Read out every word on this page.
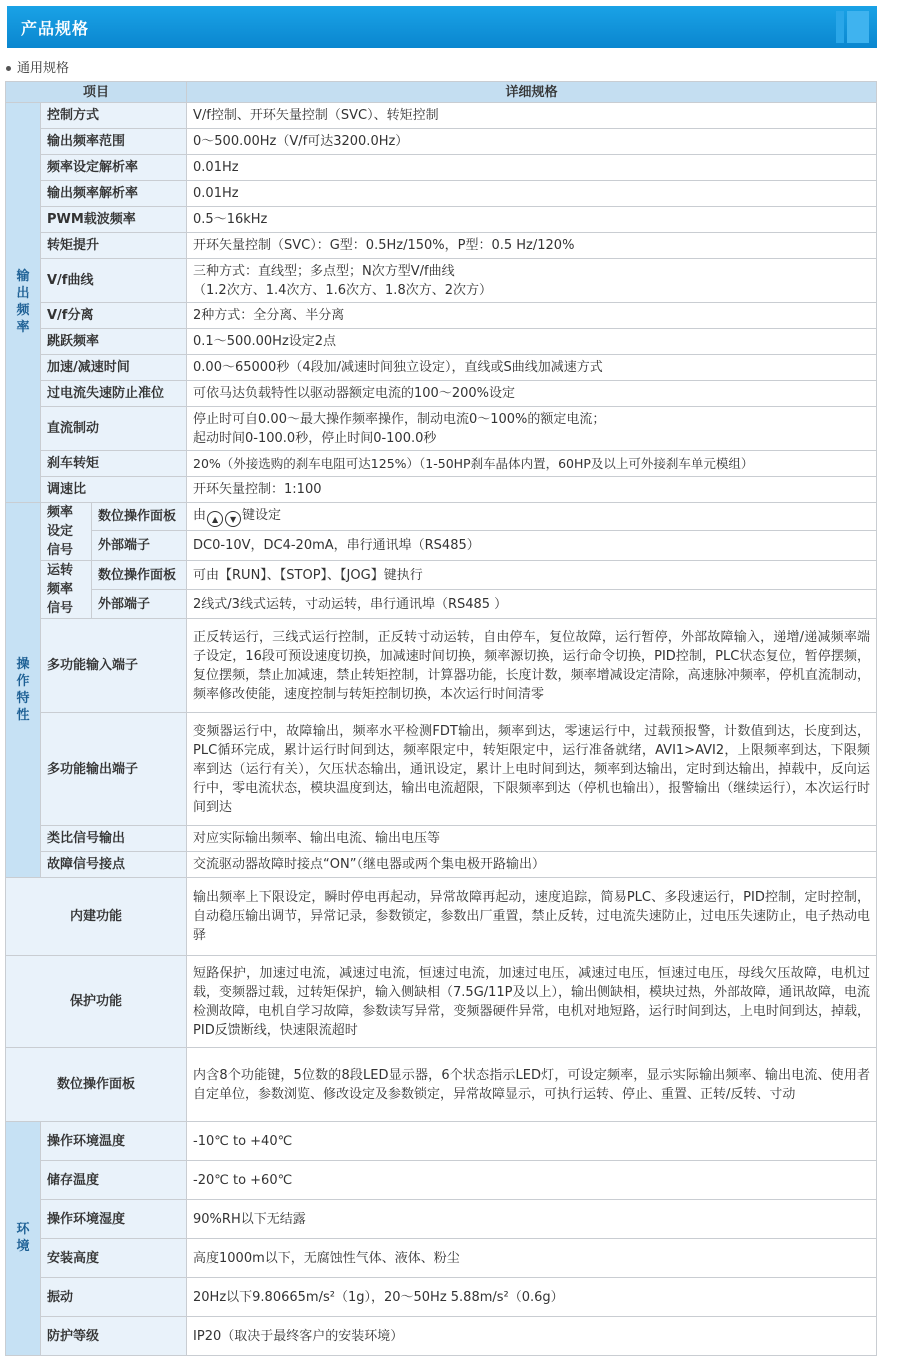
产品规格
通用规格
项目			详细规格
输出频率	控制方式		V/f控制、开环矢量控制（SVC）、转矩控制
	输出频率范围		0～500.00Hz（V/f可达3200.0Hz）
	频率设定解析率		0.01Hz
	输出频率解析率		0.01Hz
	PWM载波频率		0.5～16kHz
	转矩提升		开环矢量控制（SVC）：G型：0.5Hz/150%，P型：0.5 Hz/120%
	V/f曲线		三种方式：直线型；多点型；N次方型V/f曲线
（1.2次方、1.4次方、1.6次方、1.8次方、2次方）

	V/f分离		2种方式：全分离、半分离
	跳跃频率		0.1～500.00Hz设定2点
	加速/减速时间		0.00～65000秒（4段加/减速时间独立设定），直线或S曲线加减速方式
	过电流失速防止准位		可依马达负载特性以驱动器额定电流的100～200%设定
	直流制动		停止时可自0.00～最大操作频率操作，制动电流0～100%的额定电流；
起动时间0-100.0秒，停止时间0-100.0秒

	刹车转矩		20%（外接选购的刹车电阻可达125%）（1-50HP刹车晶体内置，60HP及以上可外接刹车单元模组）
	调速比		开环矢量控制：1:100
操作特性	频率设定信号	数位操作面板	由 ▲ ▼ 键设定
		外部端子	DC0-10V，DC4-20mA，串行通讯埠（RS485）
	运转频率信号	数位操作面板	可由【RUN】、【STOP】、【JOG】键执行
		外部端子	2线式/3线式运转，寸动运转，串行通讯埠（RS485 ）
	多功能输入端子		正反转运行，三线式运行控制，正反转寸动运转，自由停车，复位故障，运行暂停，外部故障输入，递增/递减频率端子设定，16段可预设速度切换，加减速时间切换，频率源切换，运行命令切换，PID控制，PLC状态复位，暂停摆频，复位摆频，禁止加减速，禁止转矩控制，计算器功能，长度计数，频率增减设定清除，高速脉冲频率，停机直流制动，频率修改使能，速度控制与转矩控制切换，本次运行时间清零
	多功能输出端子		变频器运行中，故障输出，频率水平检测FDT输出，频率到达，零速运行中，过载预报警，计数值到达，长度到达，PLC循环完成，累计运行时间到达，频率限定中，转矩限定中，运行准备就绪，AVI1>AVI2，上限频率到达，下限频率到达（运行有关），欠压状态输出，通讯设定，累计上电时间到达，频率到达输出，定时到达输出，掉载中，反向运行中，零电流状态，模块温度到达，输出电流超限，下限频率到达（停机也输出），报警输出（继续运行），本次运行时间到达
	类比信号输出		对应实际输出频率、输出电流、输出电压等
	故障信号接点		交流驱动器故障时接点“ON”（继电器或两个集电极开路输出）
内建功能			输出频率上下限设定，瞬时停电再起动，异常故障再起动，速度追踪，简易PLC、多段速运行，PID控制，定时控制，自动稳压输出调节，异常记录，参数锁定，参数出厂重置，禁止反转，过电流失速防止，过电压失速防止，电子热动电驿
保护功能			短路保护，加速过电流，减速过电流，恒速过电流，加速过电压，减速过电压，恒速过电压，母线欠压故障，电机过载，变频器过载，过转矩保护，输入侧缺相（7.5G/11P及以上），输出侧缺相，模块过热，外部故障，通讯故障，电流检测故障，电机自学习故障，参数读写异常，变频器硬件异常，电机对地短路，运行时间到达，上电时间到达，掉载，PID反馈断线，快速限流超时
数位操作面板			内含8个功能键，5位数的8段LED显示器，6个状态指示LED灯，可设定频率，显示实际输出频率、输出电流、使用者自定单位，参数浏览、修改设定及参数锁定，异常故障显示，可执行运转、停止、重置、正转/反转、寸动
环境	操作环境温度		-10℃ to +40℃
	储存温度		-20℃ to +60℃
	操作环境湿度		90%RH以下无结露
	安装高度		高度1000m以下，无腐蚀性气体、液体、粉尘
	振动		20Hz以下9.80665m/s²（1g），20～50Hz 5.88m/s²（0.6g）
	防护等级		IP20（取决于最终客户的安装环境）
